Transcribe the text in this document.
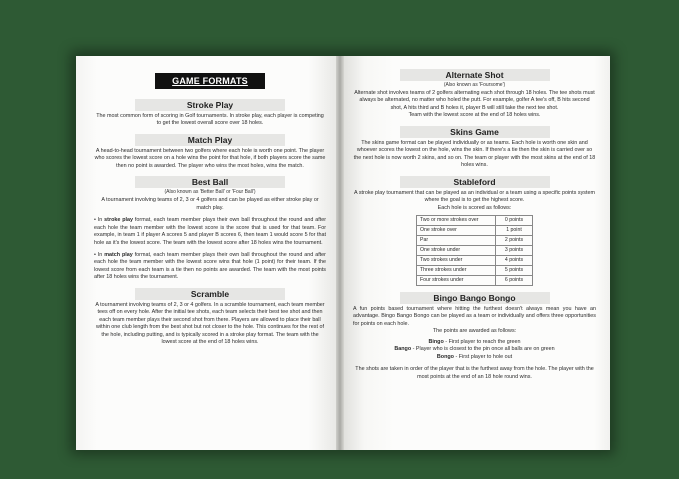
GAME FORMATS
Stroke Play

The most common form of scoring in Golf tournaments. In stroke play, each player is competing to get the lowest overall score over 18 holes.

Match Play

A head-to-head tournament between two golfers where each hole is worth one point. The player who scores the lowest score on a hole wins the point for that hole, if both players score the same then no point is awarded. The player who wins the most holes, wins the match.

Best Ball
(Also known as 'Better Ball' or 'Four Ball')

A tournament involving teams of 2, 3 or 4 golfers and can be played as either stroke play or match play.

• In stroke play format, each team member plays their own ball throughout the round and after each hole the team member with the lowest score is the score that is used for that team. For example, in team 1 if player A scores 5 and player B scores 6, then team 1 would score 5 for that hole as it's the lowest score. The team with the lowest score after 18 holes wins the tournament.

• In match play format, each team member plays their own ball throughout the round and after each hole the team member with the lowest score wins that hole (1 point) for their team. If the lowest score from each team is a tie then no points are awarded. The team with the most points after 18 holes wins the tournament.

Scramble

A tournament involving teams of 2, 3 or 4 golfers. In a scramble tournament, each team member tees off on every hole. After the initial tee shots, each team selects their best tee shot and then each team member plays their second shot from there. Players are allowed to place their ball within one club length from the best shot but not closer to the hole. This continues for the rest of the hole, including putting, and is typically scored in a stroke play format. The team with the lowest score at the end of 18 holes wins.

Alternate Shot
(Also known as 'Foursome')

Alternate shot involves teams of 2 golfers alternating each shot through 18 holes. The tee shots must always be alternated, no matter who holed the putt. For example, golfer A tee's off, B hits second shot, A hits third and B holes it, player B will still take the next tee shot.

Team with the lowest score at the end of 18 holes wins.

Skins Game

The skins game format can be played individually or as teams. Each hole is worth one skin and whoever scores the lowest on the hole, wins the skin. If there's a tie then the skin is carried over so the next hole is now worth 2 skins, and so on. The team or player with the most skins at the end of 18 holes wins.

Stableford

A stroke play tournament that can be played as an individual or a team using a specific points system where the goal is to get the highest score.

Each hole is scored as follows:

Two or more strokes over	0 points
One stroke over	1 point
Par	2 points
One stroke under	3 points
Two strokes under	4 points
Three strokes under	5 points
Four strokes under	6 points
Bingo Bango Bongo

A fun points based tournament where hitting the furthest doesn't always mean you have an advantage. Bingo Bango Bongo can be played as a team or individually and offers three opportunities for points on each hole.

The points are awarded as follows:

Bingo - First player to reach the green

Bango - Player who is closest to the pin once all balls are on green

Bongo - First player to hole out

The shots are taken in order of the player that is the furthest away from the hole. The player with the most points at the end of an 18 hole round wins.
